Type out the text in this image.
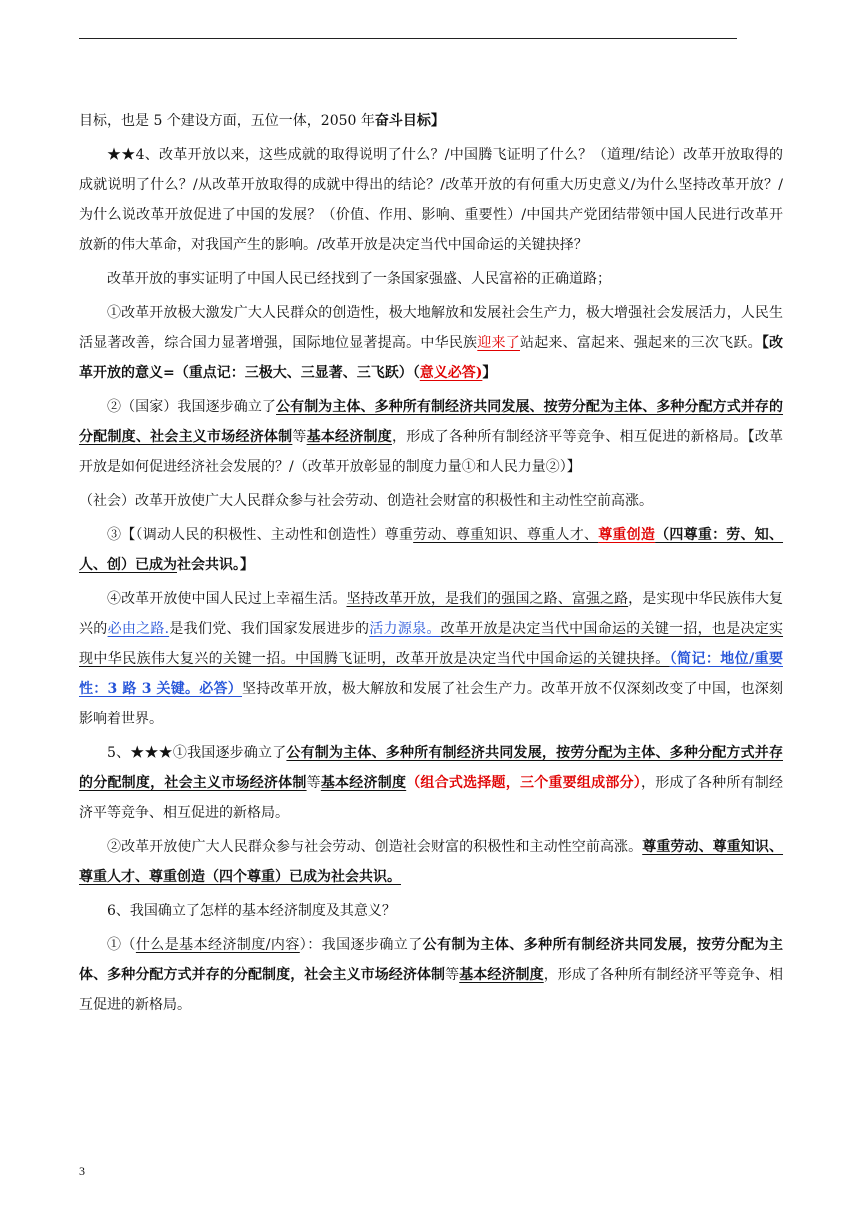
目标，也是 5 个建设方面，五位一体，2050 年奋斗目标】

★★4、改革开放以来，这些成就的取得说明了什么？/中国腾飞证明了什么？（道理/结论）改革开放取得的成就说明了什么？/从改革开放取得的成就中得出的结论？/改革开放的有何重大历史意义/为什么坚持改革开放？/为什么说改革开放促进了中国的发展？（价值、作用、影响、重要性）/中国共产党团结带领中国人民进行改革开放新的伟大革命，对我国产生的影响。/改革开放是决定当代中国命运的关键抉择？

改革开放的事实证明了中国人民已经找到了一条国家强盛、人民富裕的正确道路；

①改革开放极大激发广大人民群众的创造性，极大地解放和发展社会生产力，极大增强社会发展活力，人民生活显著改善，综合国力显著增强，国际地位显著提高。中华民族迎来了站起来、富起来、强起来的三次飞跃。【改革开放的意义=（重点记：三极大、三显著、三飞跃）（意义必答)】

②（国家）我国逐步确立了公有制为主体、多种所有制经济共同发展、按劳分配为主体、多种分配方式并存的分配制度、社会主义市场经济体制等基本经济制度，形成了各种所有制经济平等竞争、相互促进的新格局。【改革开放是如何促进经济社会发展的？/（改革开放彰显的制度力量①和人民力量②）】

（社会）改革开放使广大人民群众参与社会劳动、创造社会财富的积极性和主动性空前高涨。

③【（调动人民的积极性、主动性和创造性）尊重劳动、尊重知识、尊重人才、尊重创造（四尊重：劳、知、人、创）已成为社会共识。】

④改革开放使中国人民过上幸福生活。坚持改革开放，是我们的强国之路、富强之路，是实现中华民族伟大复兴的必由之路.是我们党、我们国家发展进步的活力源泉。改革开放是决定当代中国命运的关键一招，也是决定实现中华民族伟大复兴的关键一招。中国腾飞证明，改革开放是决定当代中国命运的关键抉择。（简记：地位/重要性：3 路 3 关键。必答）坚持改革开放，极大解放和发展了社会生产力。改革开放不仅深刻改变了中国，也深刻影响着世界。

5、★★★①我国逐步确立了公有制为主体、多种所有制经济共同发展，按劳分配为主体、多种分配方式并存的分配制度，社会主义市场经济体制等基本经济制度（组合式选择题，三个重要组成部分），形成了各种所有制经济平等竞争、相互促进的新格局。

②改革开放使广大人民群众参与社会劳动、创造社会财富的积极性和主动性空前高涨。尊重劳动、尊重知识、尊重人才、尊重创造（四个尊重）已成为社会共识。

6、我国确立了怎样的基本经济制度及其意义？

①（什么是基本经济制度/内容）：我国逐步确立了公有制为主体、多种所有制经济共同发展，按劳分配为主体、多种分配方式并存的分配制度，社会主义市场经济体制等基本经济制度，形成了各种所有制经济平等竞争、相互促进的新格局。

3
